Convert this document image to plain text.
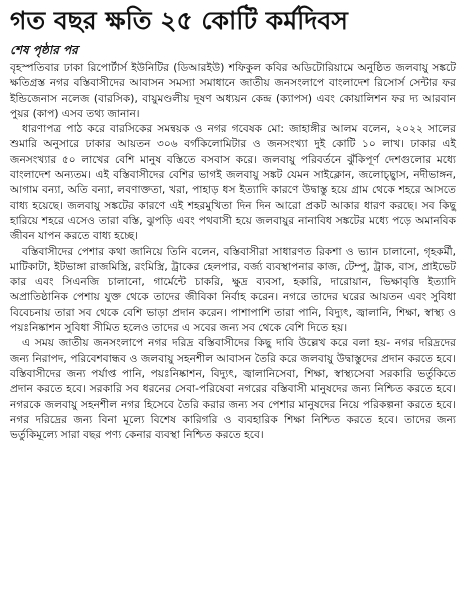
গত বছর ক্ষতি ২৫ কোটি কর্মদিবস
শেষ পৃষ্ঠার পর

বৃহস্পতিবার ঢাকা রিপোর্টার্স ইউনিটির (ডিআরইউ) শফিকুল কবির অডিটোরিয়ামে অনুষ্ঠিত জলবায়ু সঙ্কটে ক্ষতিগ্রস্ত নগর বস্তিবাসীদের আবাসন সমস্যা সমাধানে জাতীয় জনসংলাপে বাংলাদেশ রিসোর্স সেন্টার ফর ইন্ডিজেনাস নলেজ (বারসিক), বায়ুমণ্ডলীয় দূষণ অধ্যয়ন কেন্দ্র (ক্যাপস) এবং কোয়ালিশন ফর দ্য আরবান পুয়র (কাপ) এসব তথ্য জানান।

ধারণাপত্র পাঠ করে বারসিকের সমন্বয়ক ও নগর গবেষক মো: জাহাঙ্গীর আলম বলেন, ২০২২ সালের শুমারি অনুসারে ঢাকার আয়তন ৩০৬ বর্গকিলোমিটার ও জনসংখ্যা দুই কোটি ১০ লাখ। ঢাকার এই জনসংখ্যার ৫০ লাখের বেশি মানুষ বস্তিতে বসবাস করে। জলবায়ু পরিবর্তনে ঝুঁকিপূর্ণ দেশগুলোর মধ্যে বাংলাদেশ অন্যতম। এই বস্তিবাসীদের বেশির ভাগই জলবায়ু সঙ্কট যেমন সাইক্লোন, জলোচ্ছ্বাস, নদীভাঙ্গন, আগাম বন্যা, অতি বন্যা, লবণাক্ততা, খরা, পাহাড় ধস ইত্যাদি কারণে উদ্বাস্তু হয়ে গ্রাম থেকে শহরে আসতে বাধ্য হয়েছে। জলবায়ু সঙ্কটের কারণে এই শহরমুখিতা দিন দিন আরো প্রকট আকার ধারণ করছে। সব কিছু হারিয়ে শহরে এসেও তারা বস্তি, ঝুপড়ি এবং পথবাসী হয়ে জলবায়ুর নানাবিধ সঙ্কটের মধ্যে পড়ে অমানবিক জীবন যাপন করতে বাধ্য হচ্ছে।

বস্তিবাসীদের পেশার কথা জানিয়ে তিনি বলেন, বস্তিবাসীরা সাধারণত রিকশা ও ভ্যান চালানো, গৃহকর্মী, মাটিকাটা, ইটভাঙ্গা রাজমিস্ত্রি, রংমিস্ত্রি, ট্রাকের হেলপার, বর্জ্য ব্যবস্থাপনার কাজ, টেম্পু, ট্রাক, বাস, প্রাইভেট কার এবং সিএনজি চালানো, গার্মেন্টে চাকরি, ক্ষুদ্র ব্যবসা, হকারি, দারোয়ান, ভিক্ষাবৃত্তি ইত্যাদি অপ্রাতিষ্ঠানিক পেশায় যুক্ত থেকে তাদের জীবিকা নির্বাহ করেন। নগরে তাদের ঘরের আয়তন এবং সুবিধা বিবেচনায় তারা সব থেকে বেশি ভাড়া প্রদান করেন। পাশাপাশি তারা পানি, বিদ্যুৎ, জ্বালানি, শিক্ষা, স্বাস্থ্য ও পয়ঃনিষ্কাশন সুবিধা সীমিত হলেও তাদের এ সবের জন্য সব থেকে বেশি দিতে হয়।

এ সময় জাতীয় জনসংলাপে নগর দরিদ্র বস্তিবাসীদের কিছু দাবি উল্লেখ করে বলা হয়- নগর দরিদ্রদের জন্য নিরাপদ, পরিবেশবান্ধব ও জলবায়ু সহনশীল আবাসন তৈরি করে জলবায়ু উদ্বাস্তুদের প্রদান করতে হবে। বস্তিবাসীদের জন্য পর্যাপ্ত পানি, পয়ঃনিষ্কাশন, বিদ্যুৎ, জ্বালানিসেবা, শিক্ষা, স্বাস্থ্যসেবা সরকারি ভর্তুকিতে প্রদান করতে হবে। সরকারি সব ধরনের সেবা-পরিষেবা নগরের বস্তিবাসী মানুষদের জন্য নিশ্চিত করতে হবে। নগরকে জলবায়ু সহনশীল নগর হিসেবে তৈরি করার জন্য সব পেশার মানুষদের নিয়ে পরিকল্পনা করতে হবে। নগর দরিদ্রের জন্য বিনা মূল্যে বিশেষ কারিগরি ও ব্যবহারিক শিক্ষা নিশ্চিত করতে হবে। তাদের জন্য ভর্তুকিমূল্যে সারা বছর পণ্য কেনার ব্যবস্থা নিশ্চিত করতে হবে।
